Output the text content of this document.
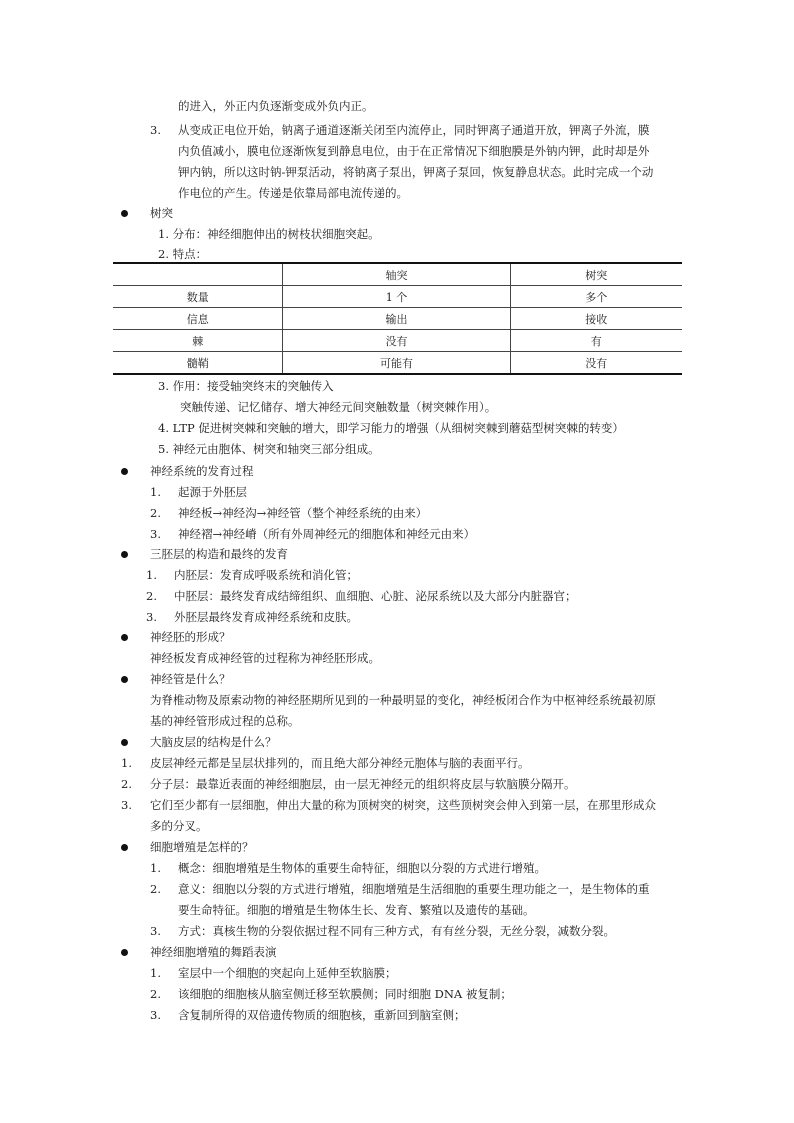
的进入，外正内负逐渐变成外负内正。
3. 从变成正电位开始，钠离子通道逐渐关闭至内流停止，同时钾离子通道开放，钾离子外流，膜
内负值减小，膜电位逐渐恢复到静息电位，由于在正常情况下细胞膜是外钠内钾，此时却是外
钾内钠，所以这时钠-钾泵活动，将钠离子泵出，钾离子泵回，恢复静息状态。此时完成一个动
作电位的产生。传递是依靠局部电流传递的。
树突
1. 分布：神经细胞伸出的树枝状细胞突起。
2. 特点：
	轴突	树突
数量	1 个	多个
信息	输出	接收
棘	没有	有
髓鞘	可能有	没有
3. 作用：接受轴突终末的突触传入
突触传递、记忆储存、增大神经元间突触数量（树突棘作用）。
4. LTP 促进树突棘和突触的增大，即学习能力的增强（从细树突棘到蘑菇型树突棘的转变）
5. 神经元由胞体、树突和轴突三部分组成。
神经系统的发育过程
1. 起源于外胚层
2. 神经板→神经沟→神经管（整个神经系统的由来）
3. 神经褶→神经嵴（所有外周神经元的细胞体和神经元由来）
三胚层的构造和最终的发育
1. 内胚层：发育成呼吸系统和消化管；
2. 中胚层：最终发育成结缔组织、血细胞、心脏、泌尿系统以及大部分内脏器官；
3. 外胚层最终发育成神经系统和皮肤。
神经胚的形成？
神经板发育成神经管的过程称为神经胚形成。
神经管是什么？
为脊椎动物及原索动物的神经胚期所见到的一种最明显的变化，神经板闭合作为中枢神经系统最初原
基的神经管形成过程的总称。
大脑皮层的结构是什么？
1. 皮层神经元都是呈层状排列的，而且绝大部分神经元胞体与脑的表面平行。
2. 分子层：最靠近表面的神经细胞层，由一层无神经元的组织将皮层与软脑膜分隔开。
3. 它们至少都有一层细胞，伸出大量的称为顶树突的树突，这些顶树突会伸入到第一层，在那里形成众
多的分叉。
细胞增殖是怎样的？
1. 概念：细胞增殖是生物体的重要生命特征，细胞以分裂的方式进行增殖。
2. 意义：细胞以分裂的方式进行增殖，细胞增殖是生活细胞的重要生理功能之一，是生物体的重
要生命特征。细胞的增殖是生物体生长、发育、繁殖以及遗传的基础。
3. 方式：真核生物的分裂依据过程不同有三种方式，有有丝分裂，无丝分裂，减数分裂。
神经细胞增殖的舞蹈表演
1. 室层中一个细胞的突起向上延伸至软脑膜；
2. 该细胞的细胞核从脑室侧迁移至软膜侧；同时细胞 DNA 被复制；
3. 含复制所得的双倍遗传物质的细胞核，重新回到脑室侧；
